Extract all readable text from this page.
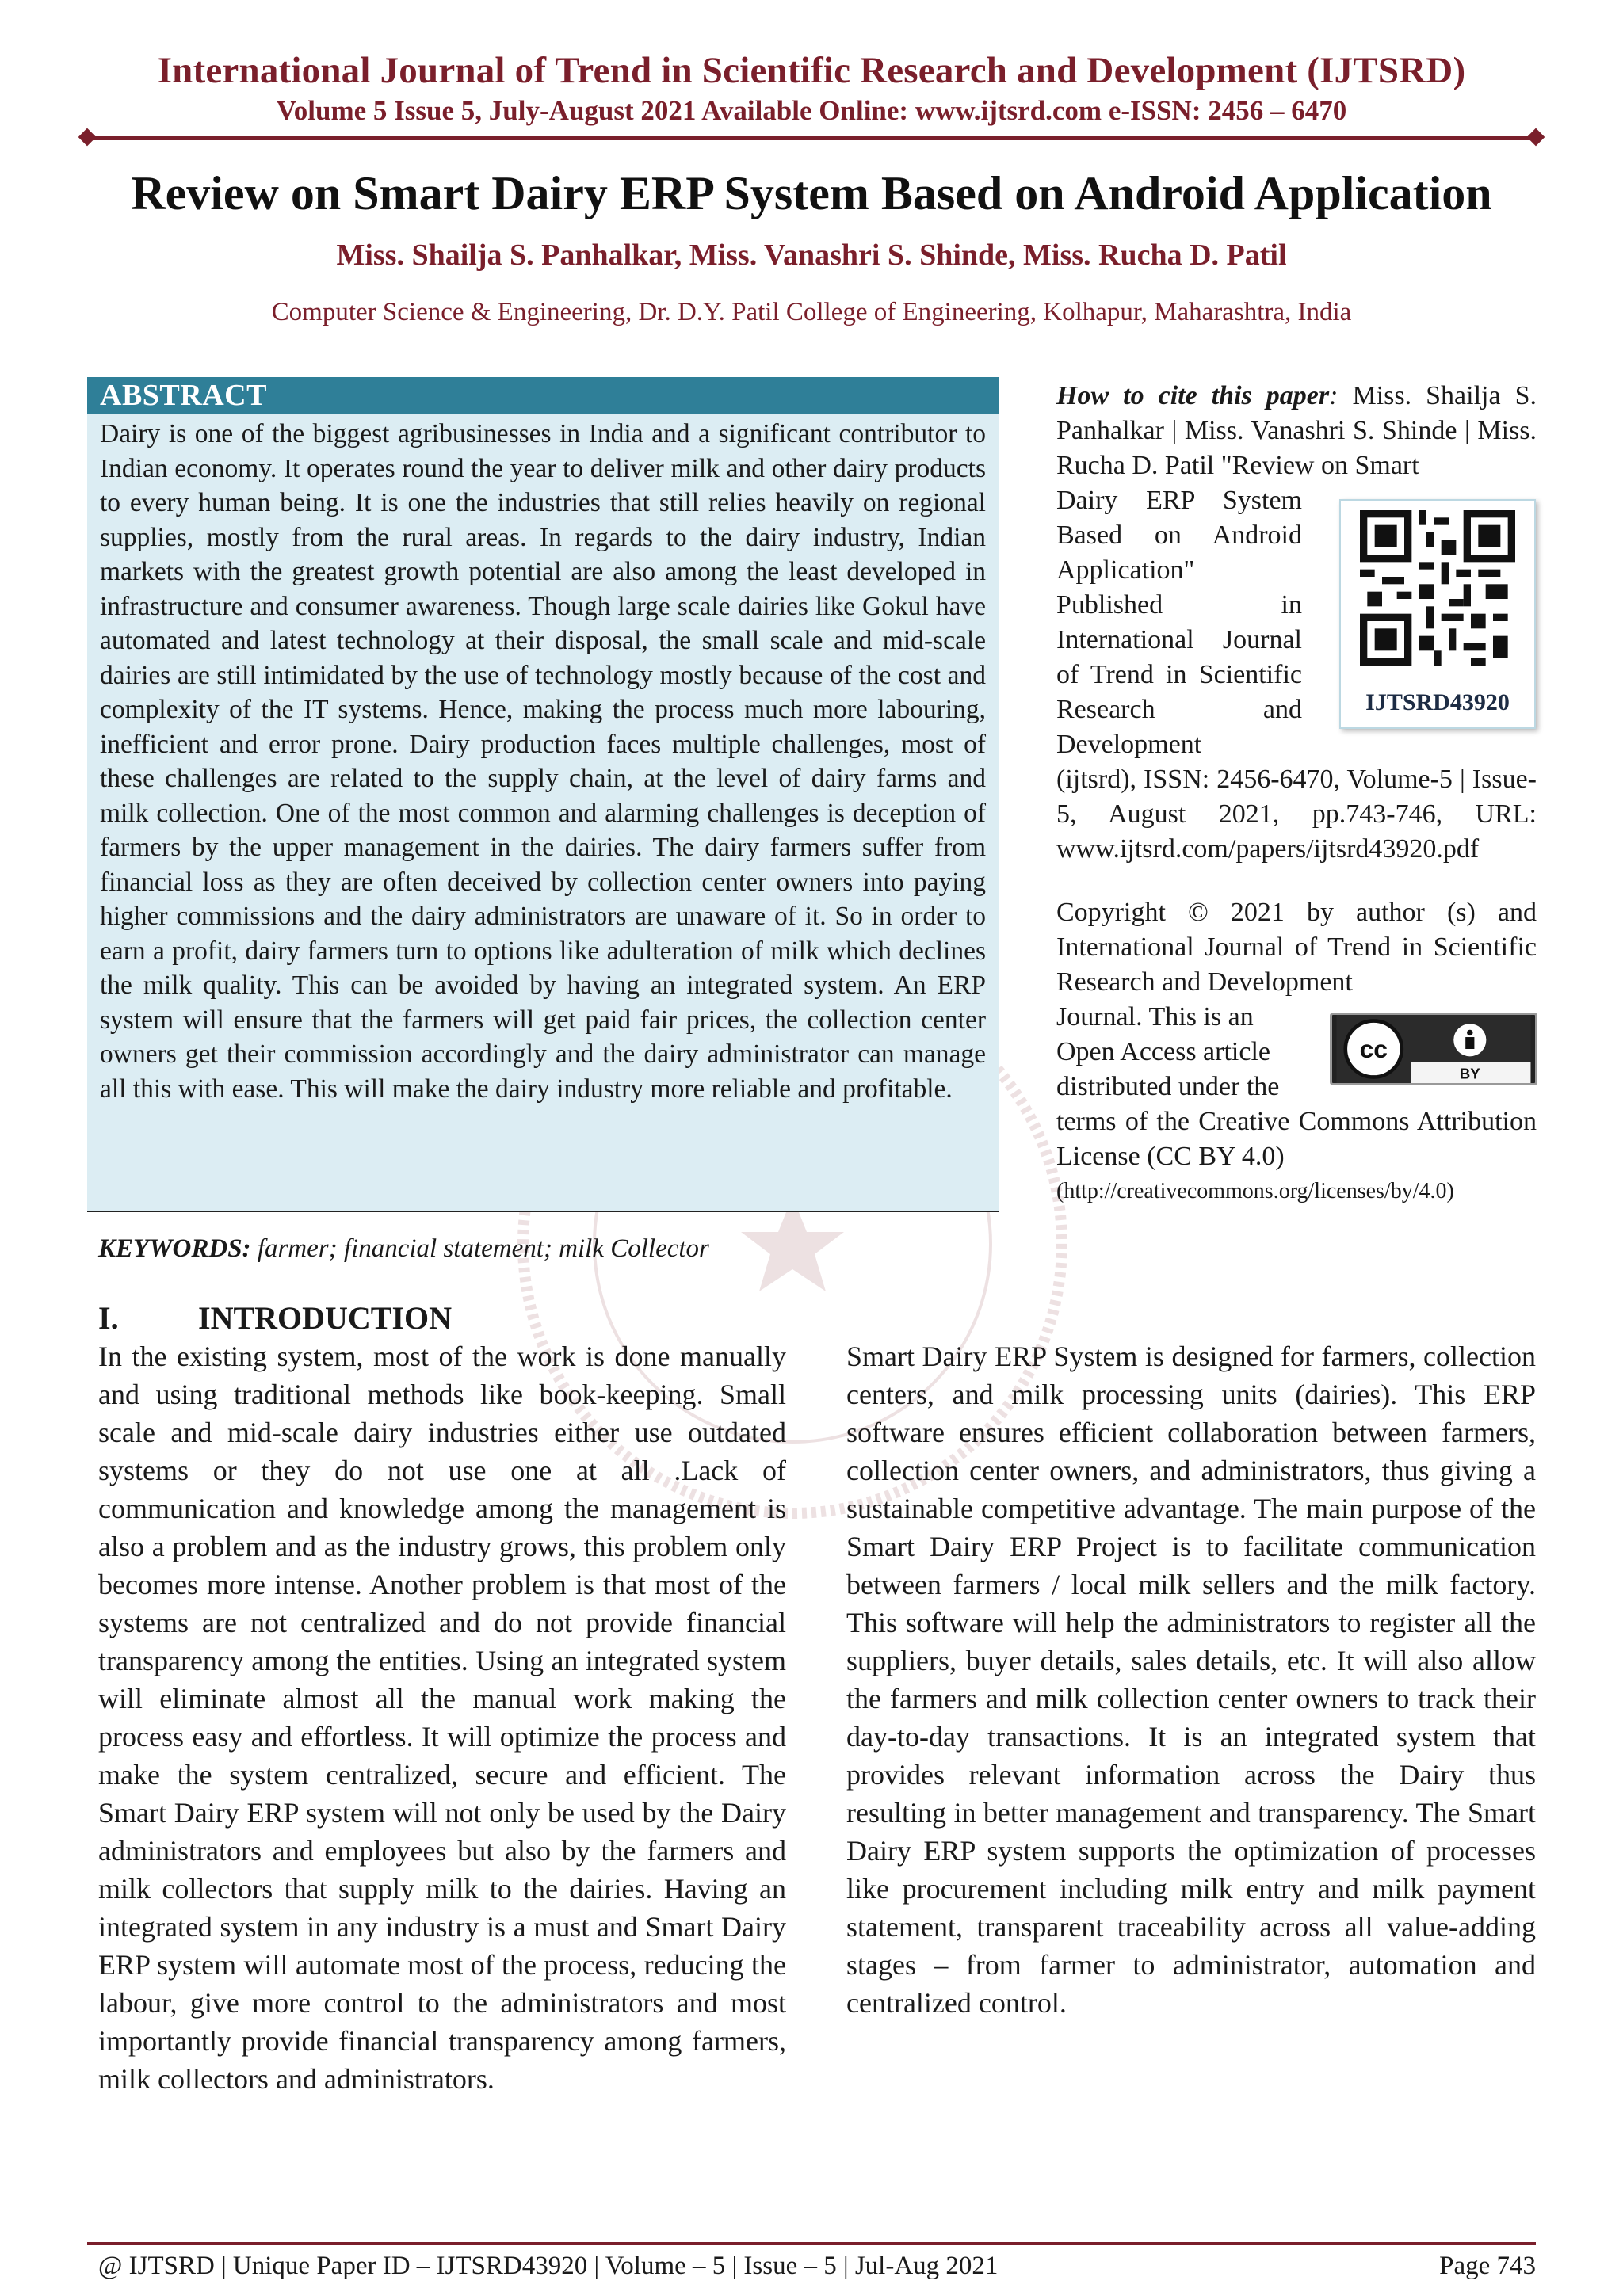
International Journal of Trend in Scientific Research and Development (IJTSRD)
Volume 5 Issue 5, July-August 2021 Available Online: www.ijtsrd.com e-ISSN: 2456 – 6470
Review on Smart Dairy ERP System Based on Android Application
Miss. Shailja S. Panhalkar, Miss. Vanashri S. Shinde, Miss. Rucha D. Patil
Computer Science & Engineering, Dr. D.Y. Patil College of Engineering, Kolhapur, Maharashtra, India
ABSTRACT
Dairy is one of the biggest agribusinesses in India and a significant contributor to Indian economy. It operates round the year to deliver milk and other dairy products to every human being. It is one the industries that still relies heavily on regional supplies, mostly from the rural areas. In regards to the dairy industry, Indian markets with the greatest growth potential are also among the least developed in infrastructure and consumer awareness. Though large scale dairies like Gokul have automated and latest technology at their disposal, the small scale and mid-scale dairies are still intimidated by the use of technology mostly because of the cost and complexity of the IT systems. Hence, making the process much more labouring, inefficient and error prone. Dairy production faces multiple challenges, most of these challenges are related to the supply chain, at the level of dairy farms and milk collection. One of the most common and alarming challenges is deception of farmers by the upper management in the dairies. The dairy farmers suffer from financial loss as they are often deceived by collection center owners into paying higher commissions and the dairy administrators are unaware of it. So in order to earn a profit, dairy farmers turn to options like adulteration of milk which declines the milk quality. This can be avoided by having an integrated system. An ERP system will ensure that the farmers will get paid fair prices, the collection center owners get their commission accordingly and the dairy administrator can manage all this with ease. This will make the dairy industry more reliable and profitable.
KEYWORDS: farmer; financial statement; milk Collector
How to cite this paper: Miss. Shailja S. Panhalkar | Miss. Vanashri S. Shinde | Miss. Rucha D. Patil "Review on Smart
Dairy ERP System Based on Android Application" Published in International Journal of Trend in Scientific Research and Development
(ijtsrd), ISSN: 2456-6470, Volume-5 | Issue-5, August 2021, pp.743-746, URL: www.ijtsrd.com/papers/ijtsrd43920.pdf
IJTSRD43920
Copyright © 2021 by author (s) and International Journal of Trend in Scientific Research and Development
Journal. This is an Open Access article distributed under the
terms of the Creative Commons Attribution License (CC BY 4.0)
(http://creativecommons.org/licenses/by/4.0)
cc
BY
I.	INTRODUCTION
In the existing system, most of the work is done manually and using traditional methods like book-keeping. Small scale and mid-scale dairy industries either use outdated systems or they do not use one at all .Lack of communication and knowledge among the management is also a problem and as the industry grows, this problem only becomes more intense. Another problem is that most of the systems are not centralized and do not provide financial transparency among the entities. Using an integrated system will eliminate almost all the manual work making the process easy and effortless. It will optimize the process and make the system centralized, secure and efficient. The Smart Dairy ERP system will not only be used by the Dairy administrators and employees but also by the farmers and milk collectors that supply milk to the dairies. Having an integrated system in any industry is a must and Smart Dairy ERP system will automate most of the process, reducing the labour, give more control to the administrators and most importantly provide financial transparency among farmers, milk collectors and administrators.
Smart Dairy ERP System is designed for farmers, collection centers, and milk processing units (dairies). This ERP software ensures efficient collaboration between farmers, collection center owners, and administrators, thus giving a sustainable competitive advantage. The main purpose of the Smart Dairy ERP Project is to facilitate communication between farmers / local milk sellers and the milk factory. This software will help the administrators to register all the suppliers, buyer details, sales details, etc. It will also allow the farmers and milk collection center owners to track their day-to-day transactions. It is an integrated system that provides relevant information across the Dairy thus resulting in better management and transparency. The Smart Dairy ERP system supports the optimization of processes like procurement including milk entry and milk payment statement, transparent traceability across all value-adding stages – from farmer to administrator, automation and centralized control.
@ IJTSRD | Unique Paper ID – IJTSRD43920 | Volume – 5 | Issue – 5 | Jul-Aug 2021	Page 743
